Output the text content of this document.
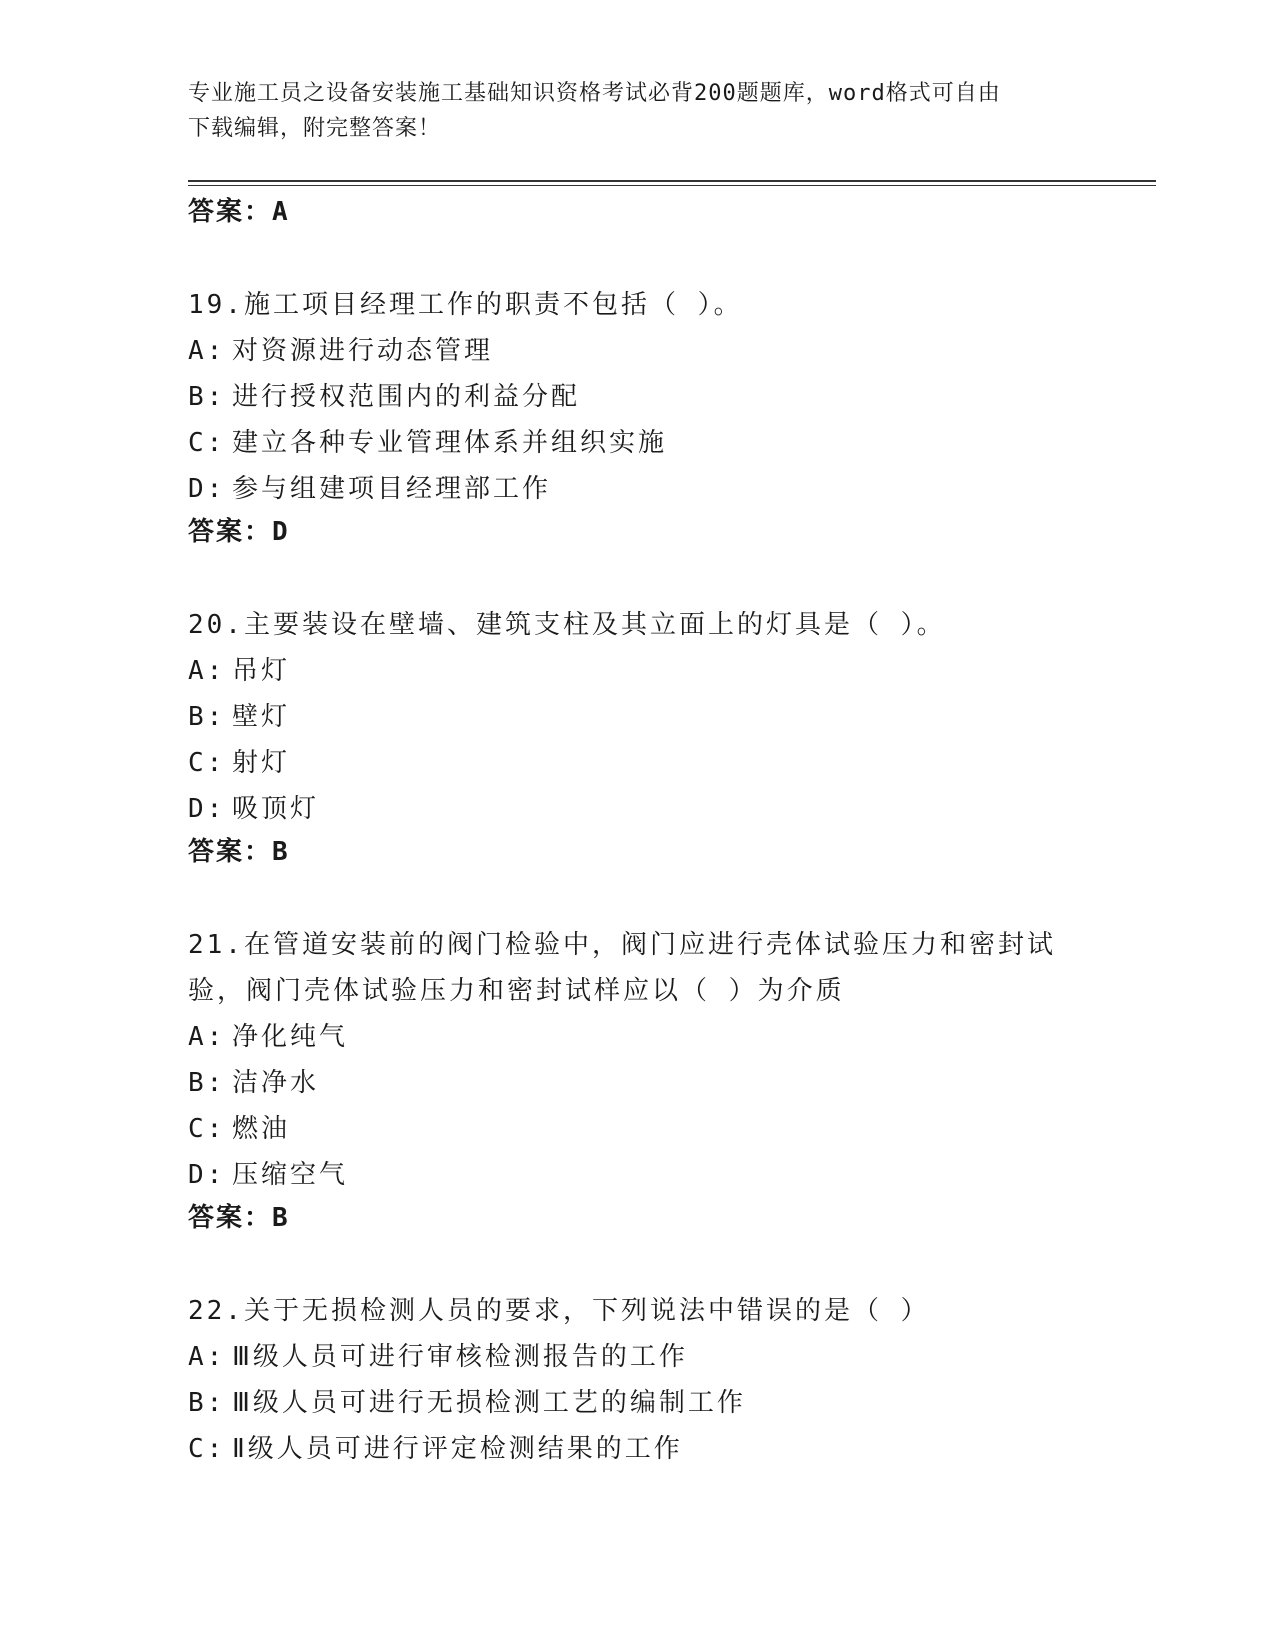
专业施工员之设备安装施工基础知识资格考试必背200题题库，word格式可自由
下载编辑，附完整答案！
答案：A
19.施工项目经理工作的职责不包括（ ）。
A: 对资源进行动态管理
B: 进行授权范围内的利益分配
C: 建立各种专业管理体系并组织实施
D: 参与组建项目经理部工作
答案：D
20.主要装设在壁墙、建筑支柱及其立面上的灯具是（ ）。
A: 吊灯
B: 壁灯
C: 射灯
D: 吸顶灯
答案：B
21.在管道安装前的阀门检验中，阀门应进行壳体试验压力和密封试验，阀门壳体试验压力和密封试样应以（ ）为介质
A: 净化纯气
B: 洁净水
C: 燃油
D: 压缩空气
答案：B
22.关于无损检测人员的要求，下列说法中错误的是（ ）
A: Ⅲ级人员可进行审核检测报告的工作
B: Ⅲ级人员可进行无损检测工艺的编制工作
C: Ⅱ级人员可进行评定检测结果的工作
